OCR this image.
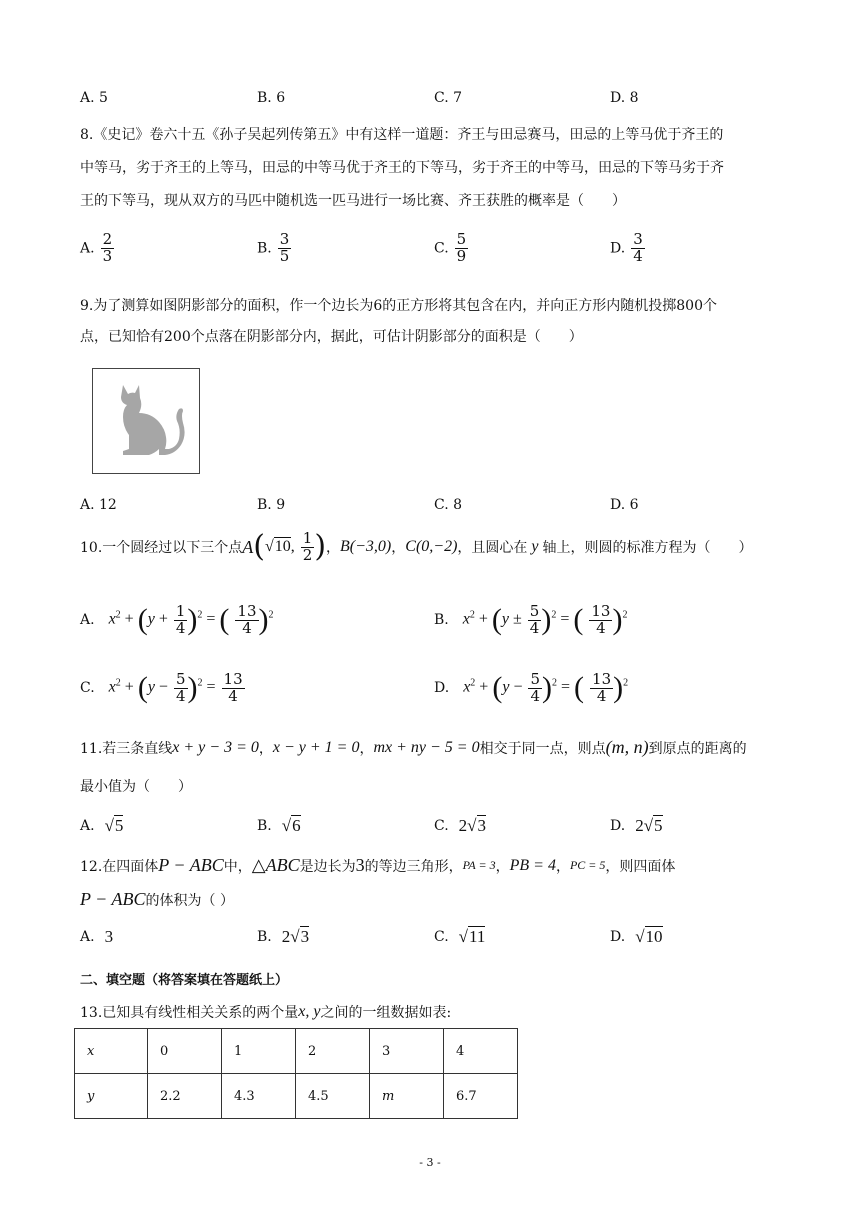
A. 5	B. 6	C. 7	D. 8
8.《史记》卷六十五《孙子吴起列传第五》中有这样一道题：齐王与田忌赛马，田忌的上等马优于齐王的
中等马，劣于齐王的上等马，田忌的中等马优于齐王的下等马，劣于齐王的中等马，田忌的下等马劣于齐
王的下等马，现从双方的马匹中随机选一匹马进行一场比赛、齐王获胜的概率是（　　）
A. $\frac{2}{3}$	B. $\frac{3}{5}$	C. $\frac{5}{9}$	D. $\frac{3}{4}$
9.为了测算如图阴影部分的面积，作一个边长为6的正方形将其包含在内，并向正方形内随机投掷800个
点，已知恰有200个点落在阴影部分内，据此，可估计阴影部分的面积是（　　）
A. 12	B. 9	C. 8	D. 6
10.一个圆经过以下三个点 A ( √10, $\frac{1}{2}$ ) ， B(−3,0) ， C(0,−2) ，且圆心在 y 轴上，则圆的标准方程为（　　）
A. $x^2 + (y + \frac{1}{4} )^2$ = ( $\frac{13}{4} )^2$	B. $x^2 + (y \pm \frac{5}{4} )^2$ = ( $\frac{13}{4} )^2$
C. $x^2 + (y - \frac{5}{4} )^2 = \frac{13}{4}$	D. $x^2 + (y - \frac{5}{4} )^2$ = ( $\frac{13}{4} )^2$
11.若三条直线 x + y − 3 = 0 ， x − y + 1 = 0 ， mx + ny − 5 = 0 相交于同一点，则点 (m, n) 到原点的距离的
最小值为（　　）
A. √5	B. √6	C. 2√3	D. 2√5
12.在四面体 P − ABC 中， △ABC 是边长为 3 的等边三角形， PA = 3 ， PB = 4 ， PC = 5 ，则四面体
P − ABC 的体积为（ ）
A. 3	B. 2√3	C. √11	D. √10
二、填空题（将答案填在答题纸上）
13.已知具有线性相关关系的两个量 x, y 之间的一组数据如表:
x	0	1	2	3	4
y	2.2	4.3	4.5	m	6.7
- 3 -
